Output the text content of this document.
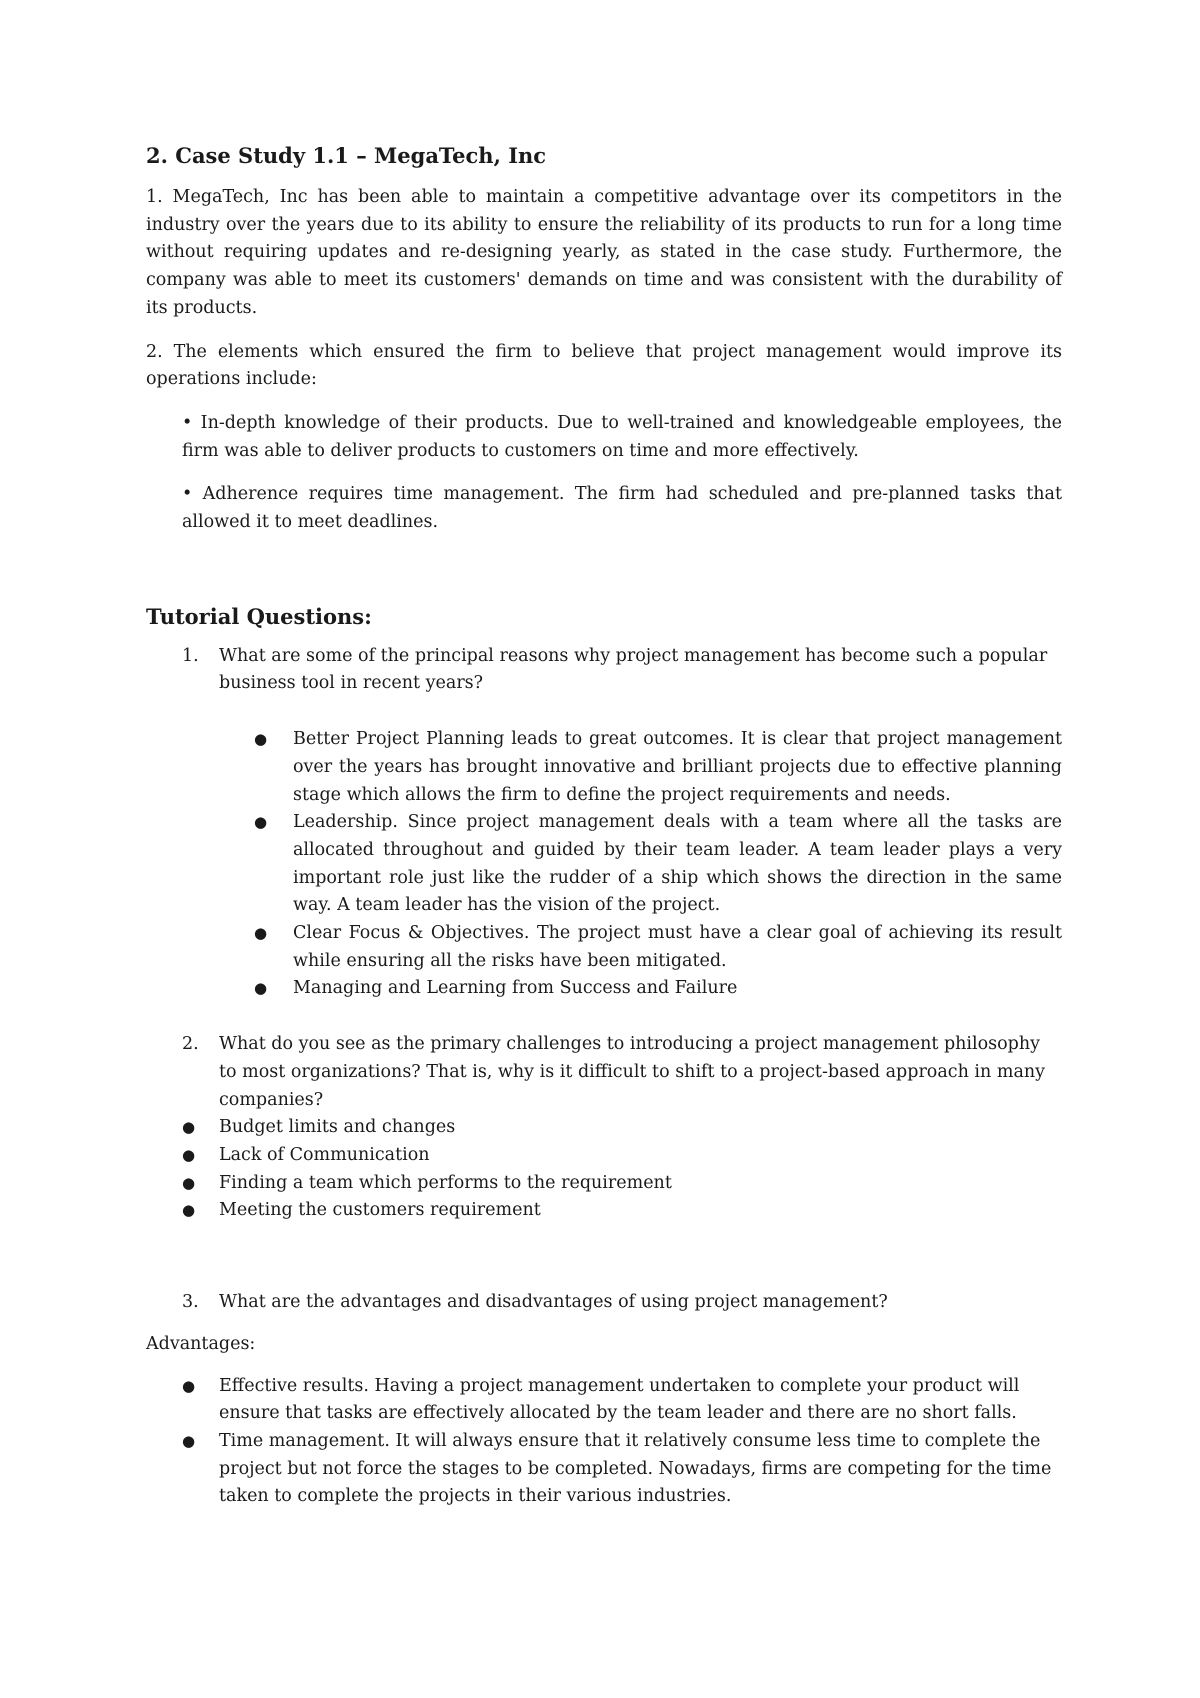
2. Case Study 1.1 – MegaTech, Inc

1. MegaTech, Inc has been able to maintain a competitive advantage over its competitors in the industry over the years due to its ability to ensure the reliability of its products to run for a long time without requiring updates and re-designing yearly, as stated in the case study. Furthermore, the company was able to meet its customers' demands on time and was consistent with the durability of its products.

2. The elements which ensured the firm to believe that project management would improve its operations include:

• In-depth knowledge of their products. Due to well-trained and knowledgeable employees, the firm was able to deliver products to customers on time and more effectively.

• Adherence requires time management. The firm had scheduled and pre-planned tasks that allowed it to meet deadlines.

Tutorial Questions:
1. What are some of the principal reasons why project management has become such a popular business tool in recent years?
● Better Project Planning leads to great outcomes. It is clear that project management over the years has brought innovative and brilliant projects due to effective planning stage which allows the firm to define the project requirements and needs.
● Leadership. Since project management deals with a team where all the tasks are allocated throughout and guided by their team leader. A team leader plays a very important role just like the rudder of a ship which shows the direction in the same way. A team leader has the vision of the project.
● Clear Focus & Objectives. The project must have a clear goal of achieving its result while ensuring all the risks have been mitigated.
● Managing and Learning from Success and Failure
2. What do you see as the primary challenges to introducing a project management philosophy to most organizations? That is, why is it difficult to shift to a project-based approach in many companies?
● Budget limits and changes
● Lack of Communication
● Finding a team which performs to the requirement
● Meeting the customers requirement
3. What are the advantages and disadvantages of using project management?

Advantages:

● Effective results. Having a project management undertaken to complete your product will ensure that tasks are effectively allocated by the team leader and there are no short falls.
● Time management. It will always ensure that it relatively consume less time to complete the project but not force the stages to be completed. Nowadays, firms are competing for the time taken to complete the projects in their various industries.
